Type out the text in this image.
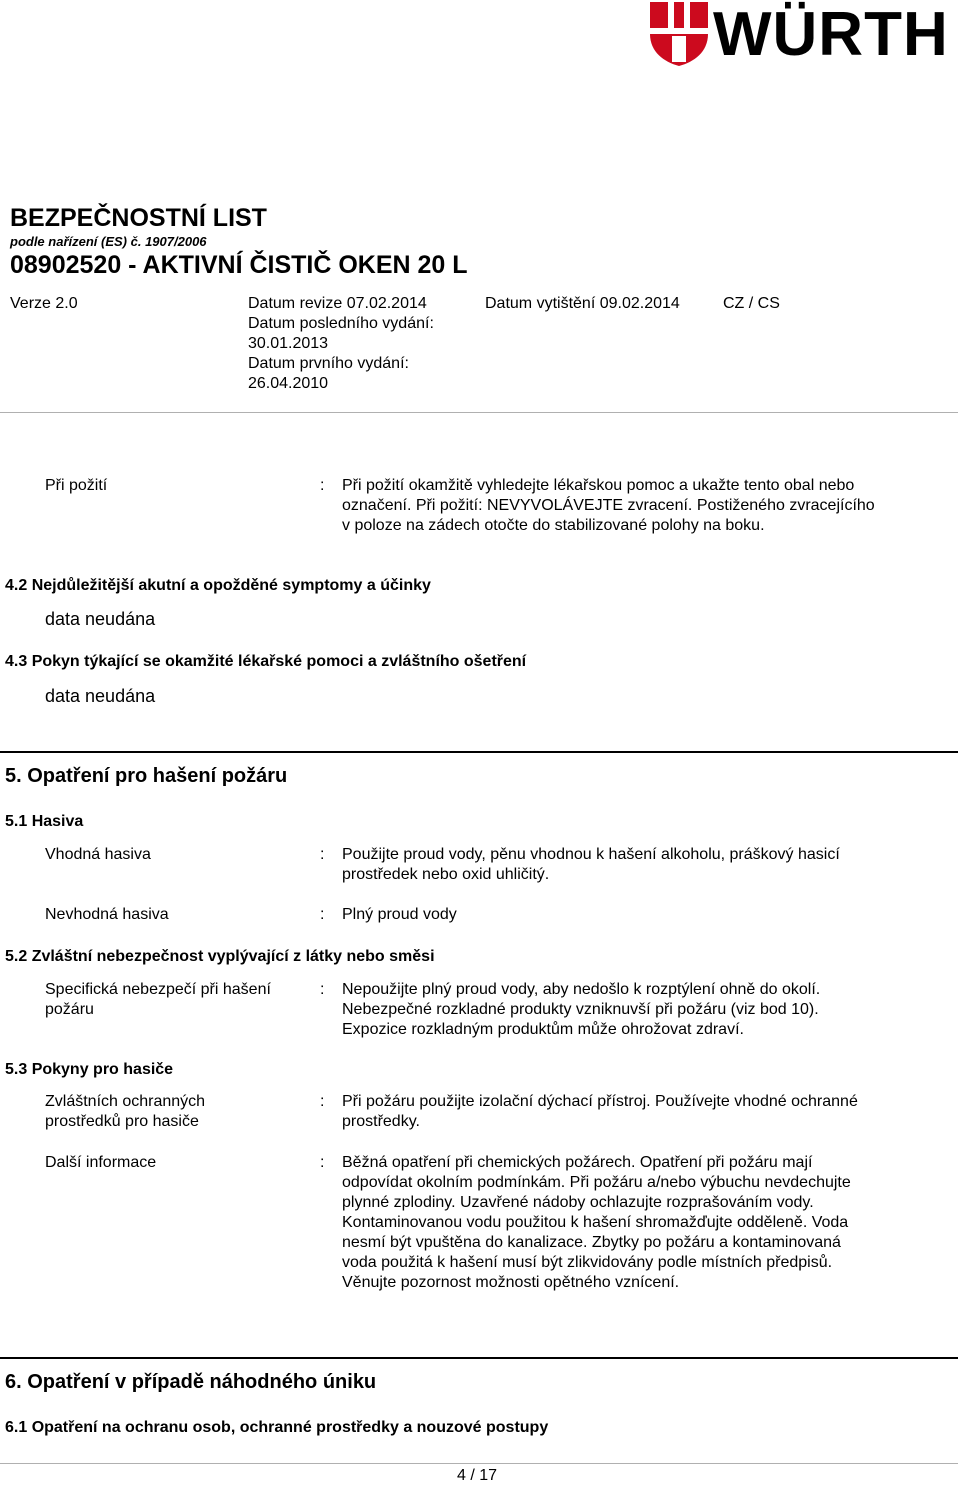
WÜRTH
BEZPEČNOSTNÍ LIST
podle nařízení (ES) č. 1907/2006
08902520 - AKTIVNÍ ČISTIČ OKEN 20 L
Verze 2.0	Datum revize 07.02.2014
Datum posledního vydání:
30.01.2013
Datum prvního vydání:
26.04.2010
Datum vytištění 09.02.2014	CZ / CS
Při požití	: Při požití okamžitě vyhledejte lékařskou pomoc a ukažte tento obal nebo označení. Při požití: NEVYVOLÁVEJTE zvracení. Postiženého zvracejícího v poloze na zádech otočte do stabilizované polohy na boku.
4.2 Nejdůležitější akutní a opožděné symptomy a účinky
data neudána
4.3 Pokyn týkající se okamžité lékařské pomoci a zvláštního ošetření
data neudána
5. Opatření pro hašení požáru
5.1 Hasiva
Vhodná hasiva	: Použijte proud vody, pěnu vhodnou k hašení alkoholu, práškový hasicí prostředek nebo oxid uhličitý.
Nevhodná hasiva	: Plný proud vody
5.2 Zvláštní nebezpečnost vyplývající z látky nebo směsi
Specifická nebezpečí při hašení požáru
: Nepoužijte plný proud vody, aby nedošlo k rozptýlení ohně do okolí. Nebezpečné rozkladné produkty vzniknuvší při požáru (viz bod 10). Expozice rozkladným produktům může ohrožovat zdraví.
5.3 Pokyny pro hasiče
Zvláštních ochranných prostředků pro hasiče
: Při požáru použijte izolační dýchací přístroj. Používejte vhodné ochranné prostředky.
Další informace	: Běžná opatření při chemických požárech. Opatření při požáru mají odpovídat okolním podmínkám. Při požáru a/nebo výbuchu nevdechujte plynné zplodiny. Uzavřené nádoby ochlazujte rozprašováním vody. Kontaminovanou vodu použitou k hašení shromažďujte odděleně. Voda nesmí být vpuštěna do kanalizace. Zbytky po požáru a kontaminovaná voda použitá k hašení musí být zlikvidovány podle místních předpisů. Věnujte pozornost možnosti opětného vznícení.
6. Opatření v případě náhodného úniku
6.1 Opatření na ochranu osob, ochranné prostředky a nouzové postupy
4 / 17
